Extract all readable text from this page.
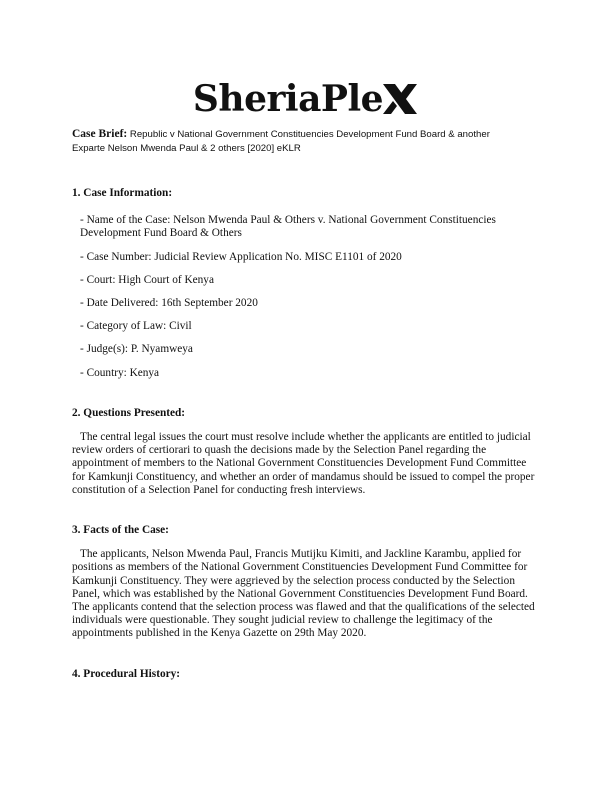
SheriaPle
Case Brief: Republic v National Government Constituencies Development Fund Board & another
Exparte Nelson Mwenda Paul & 2 others [2020] eKLR

1. Case Information:

- Name of the Case: Nelson Mwenda Paul & Others v. National Government Constituencies Development Fund Board & Others

- Case Number: Judicial Review Application No. MISC E1101 of 2020

- Court: High Court of Kenya

- Date Delivered: 16th September 2020

- Category of Law: Civil

- Judge(s): P. Nyamweya

- Country: Kenya

2. Questions Presented:

The central legal issues the court must resolve include whether the applicants are entitled to judicial review orders of certiorari to quash the decisions made by the Selection Panel regarding the appointment of members to the National Government Constituencies Development Fund Committee for Kamkunji Constituency, and whether an order of mandamus should be issued to compel the proper constitution of a Selection Panel for conducting fresh interviews.

3. Facts of the Case:

The applicants, Nelson Mwenda Paul, Francis Mutijku Kimiti, and Jackline Karambu, applied for positions as members of the National Government Constituencies Development Fund Committee for Kamkunji Constituency. They were aggrieved by the selection process conducted by the Selection Panel, which was established by the National Government Constituencies Development Fund Board. The applicants contend that the selection process was flawed and that the qualifications of the selected individuals were questionable. They sought judicial review to challenge the legitimacy of the appointments published in the Kenya Gazette on 29th May 2020.

4. Procedural History:
